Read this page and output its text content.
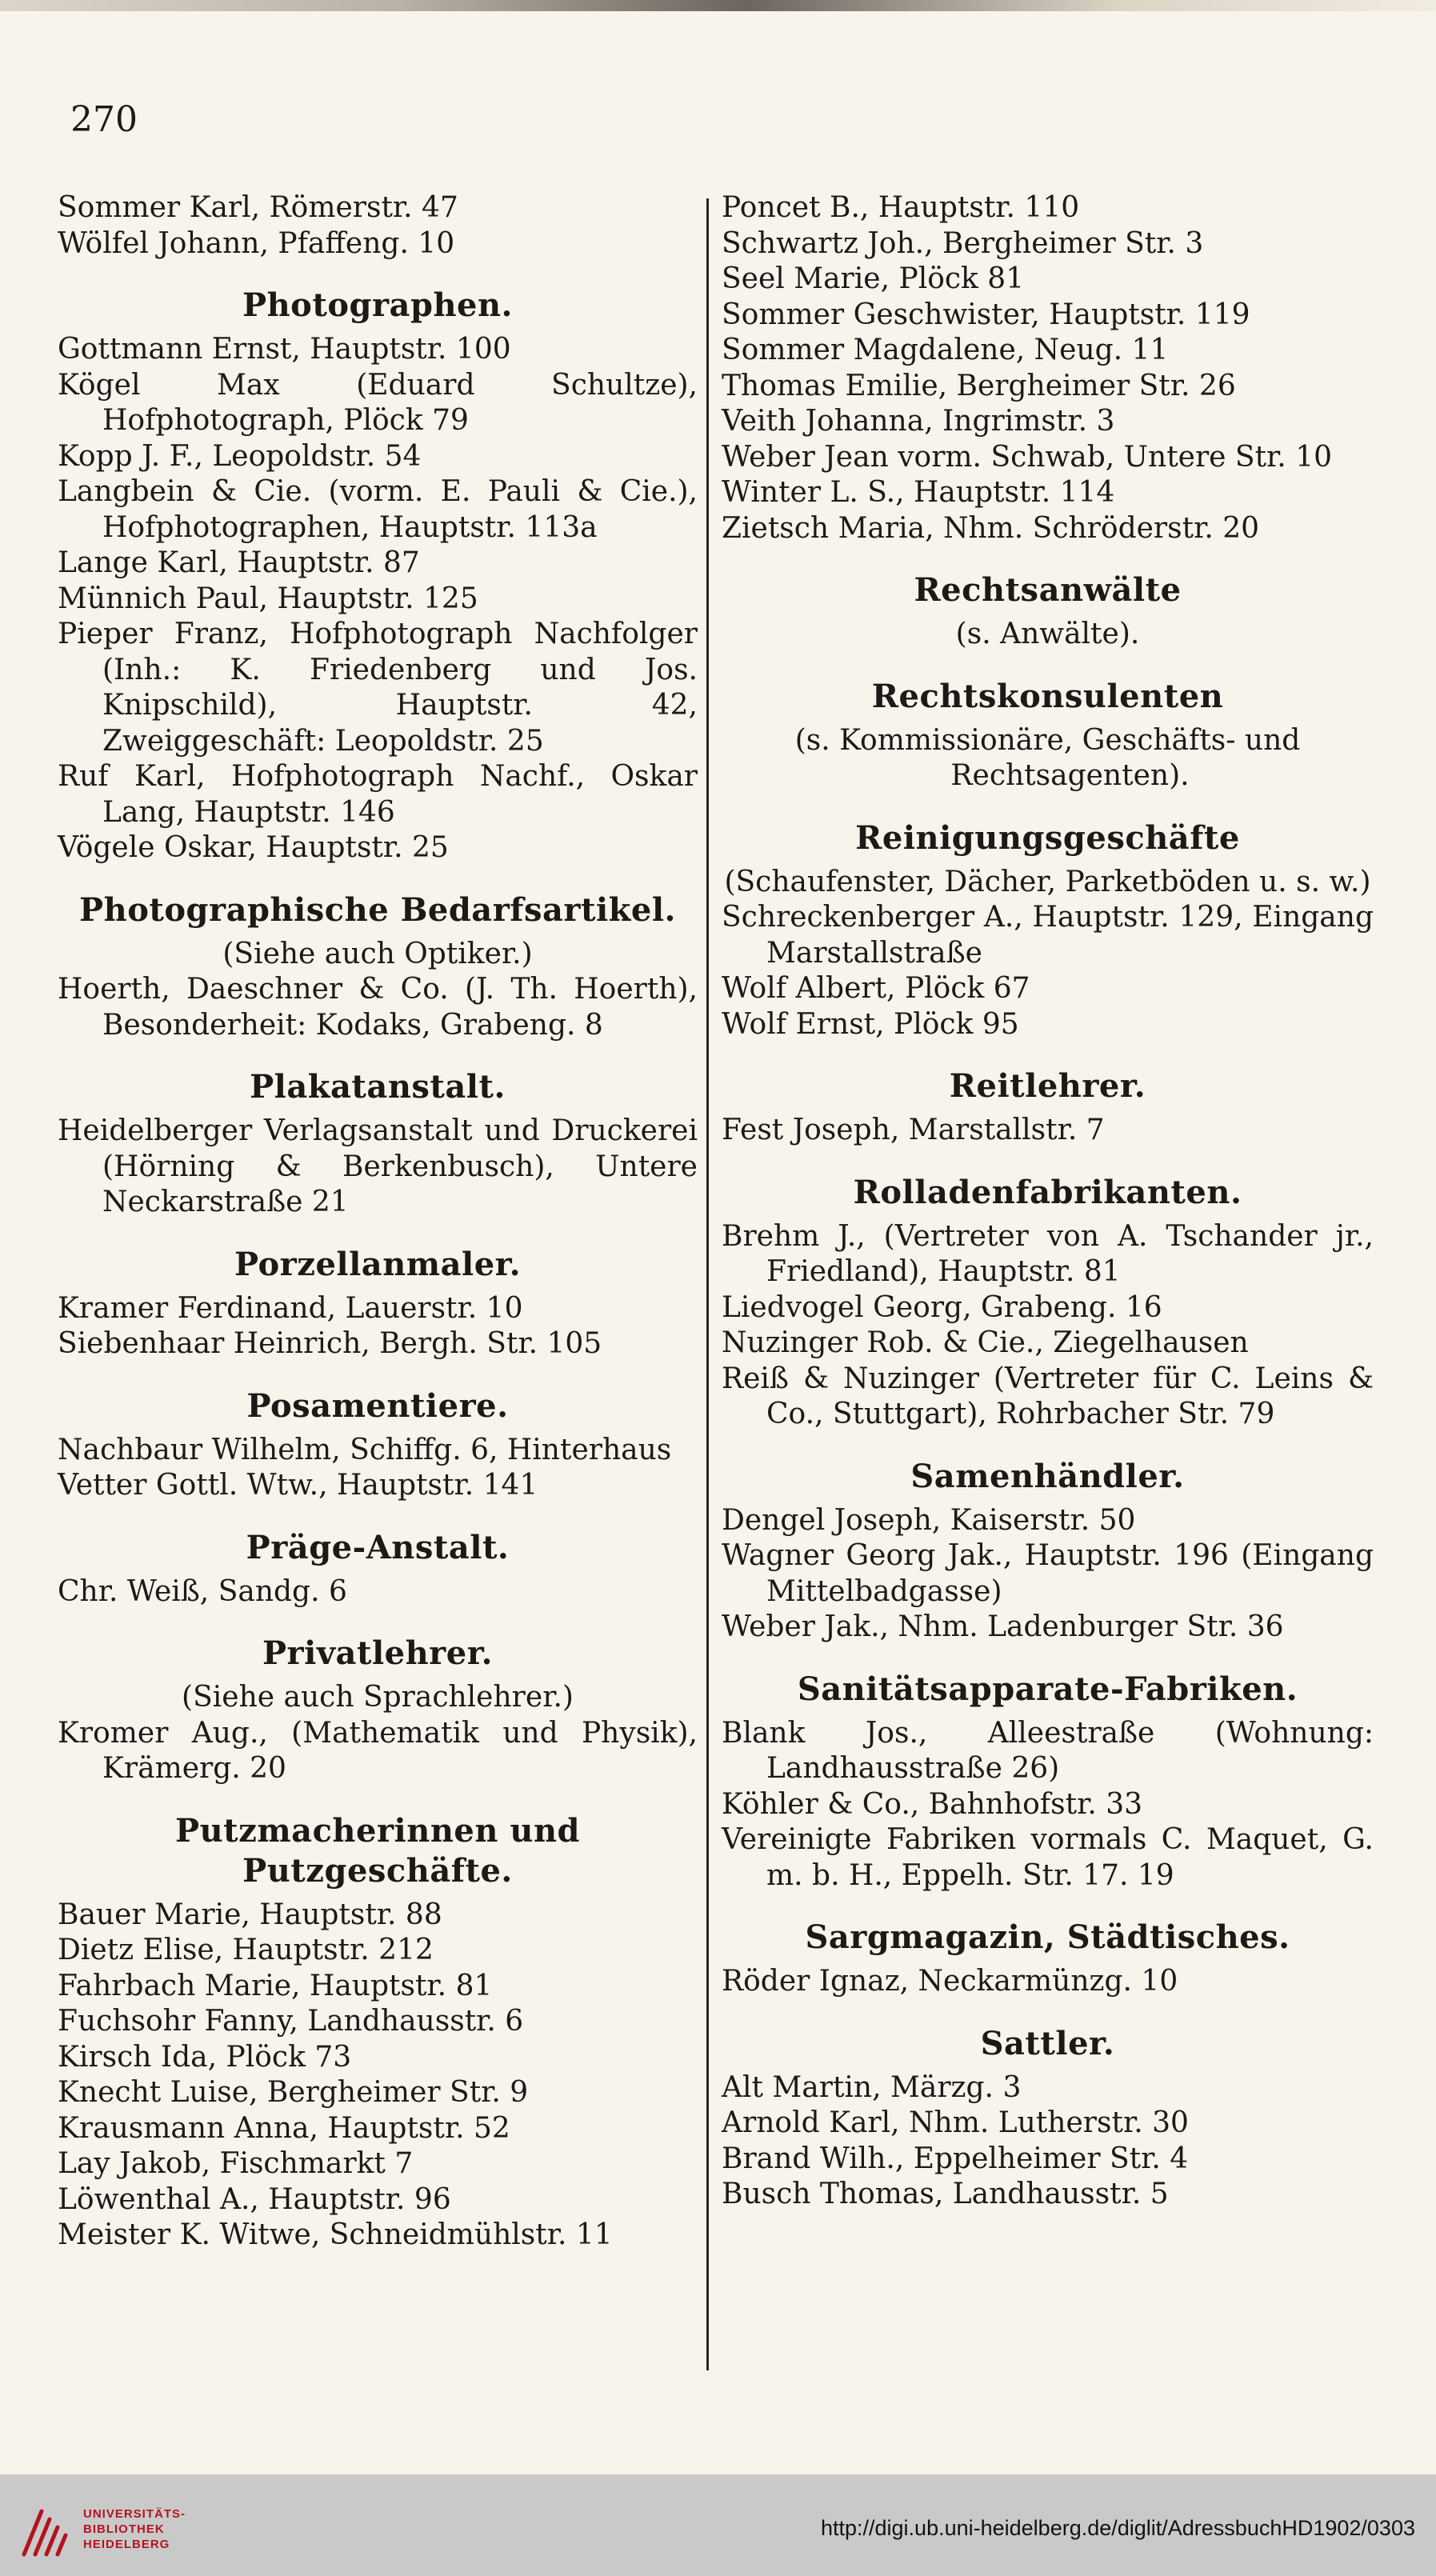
270
Sommer Karl, Römerstr. 47
Wölfel Johann, Pfaffeng. 10
Photographen.
Gottmann Ernst, Hauptstr. 100
Kögel Max (Eduard Schultze), Hofphotograph, Plöck 79
Kopp J. F., Leopoldstr. 54
Langbein & Cie. (vorm. E. Pauli & Cie.), Hofphotographen, Hauptstr. 113a
Lange Karl, Hauptstr. 87
Münnich Paul, Hauptstr. 125
Pieper Franz, Hofphotograph Nachfolger (Inh.: K. Friedenberg und Jos. Knipschild), Hauptstr. 42, Zweiggeschäft: Leopoldstr. 25
Ruf Karl, Hofphotograph Nachf., Oskar Lang, Hauptstr. 146
Vögele Oskar, Hauptstr. 25
Photographische Bedarfsartikel.
(Siehe auch Optiker.)
Hoerth, Daeschner & Co. (J. Th. Hoerth), Besonderheit: Kodaks, Grabeng. 8
Plakatanstalt.
Heidelberger Verlagsanstalt und Druckerei (Hörning & Berkenbusch), Untere Neckarstraße 21
Porzellanmaler.
Kramer Ferdinand, Lauerstr. 10
Siebenhaar Heinrich, Bergh. Str. 105
Posamentiere.
Nachbaur Wilhelm, Schiffg. 6, Hinterhaus
Vetter Gottl. Wtw., Hauptstr. 141
Präge-Anstalt.
Chr. Weiß, Sandg. 6
Privatlehrer.
(Siehe auch Sprachlehrer.)
Kromer Aug., (Mathematik und Physik), Krämerg. 20
Putzmacherinnen und Putzgeschäfte.
Bauer Marie, Hauptstr. 88
Dietz Elise, Hauptstr. 212
Fahrbach Marie, Hauptstr. 81
Fuchsohr Fanny, Landhausstr. 6
Kirsch Ida, Plöck 73
Knecht Luise, Bergheimer Str. 9
Krausmann Anna, Hauptstr. 52
Lay Jakob, Fischmarkt 7
Löwenthal A., Hauptstr. 96
Meister K. Witwe, Schneidmühlstr. 11
Poncet B., Hauptstr. 110
Schwartz Joh., Bergheimer Str. 3
Seel Marie, Plöck 81
Sommer Geschwister, Hauptstr. 119
Sommer Magdalene, Neug. 11
Thomas Emilie, Bergheimer Str. 26
Veith Johanna, Ingrimstr. 3
Weber Jean vorm. Schwab, Untere Str. 10
Winter L. S., Hauptstr. 114
Zietsch Maria, Nhm. Schröderstr. 20
Rechtsanwälte
(s. Anwälte).
Rechtskonsulenten
(s. Kommissionäre, Geschäfts- und Rechtsagenten).
Reinigungsgeschäfte
(Schaufenster, Dächer, Parketböden u. s. w.)
Schreckenberger A., Hauptstr. 129, Eingang Marstallstraße
Wolf Albert, Plöck 67
Wolf Ernst, Plöck 95
Reitlehrer.
Fest Joseph, Marstallstr. 7
Rolladenfabrikanten.
Brehm J., (Vertreter von A. Tschander jr., Friedland), Hauptstr. 81
Liedvogel Georg, Grabeng. 16
Nuzinger Rob. & Cie., Ziegelhausen
Reiß & Nuzinger (Vertreter für C. Leins & Co., Stuttgart), Rohrbacher Str. 79
Samenhändler.
Dengel Joseph, Kaiserstr. 50
Wagner Georg Jak., Hauptstr. 196 (Eingang Mittelbadgasse)
Weber Jak., Nhm. Ladenburger Str. 36
Sanitätsapparate-Fabriken.
Blank Jos., Alleestraße (Wohnung: Landhausstraße 26)
Köhler & Co., Bahnhofstr. 33
Vereinigte Fabriken vormals C. Maquet, G. m. b. H., Eppelh. Str. 17. 19
Sargmagazin, Städtisches.
Röder Ignaz, Neckarmünzg. 10
Sattler.
Alt Martin, Märzg. 3
Arnold Karl, Nhm. Lutherstr. 30
Brand Wilh., Eppelheimer Str. 4
Busch Thomas, Landhausstr. 5
UNIVERSITÄTS-
BIBLIOTHEK
HEIDELBERG
http://digi.ub.uni-heidelberg.de/diglit/AdressbuchHD1902/0303
